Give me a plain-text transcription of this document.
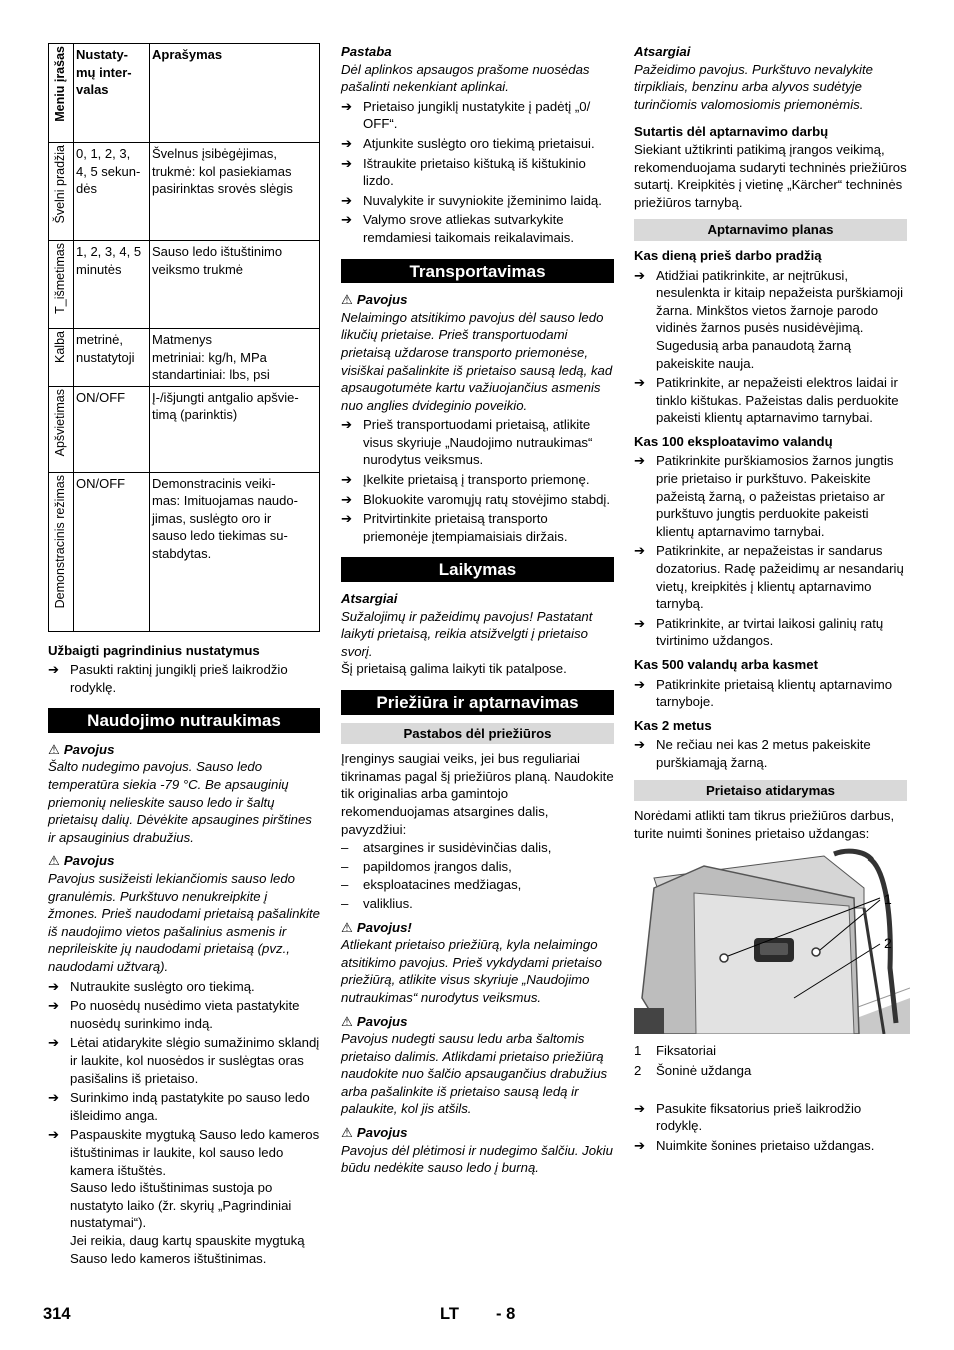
Meniu įrašas	Nustaty-
mų inter-
valas	Aprašymas

Švelni pradžia	0, 1, 2, 3,
4, 5 sekun-
dės	Švelnus įsibėgėjimas,
trukmė: kol pasiekiamas
pasirinktas srovės slėgis

T_išmetimas	1, 2, 3, 4, 5
minutės	Sauso ledo ištuštinimo
veiksmo trukmė

Kalba	metrinė,
nustatytoji	Matmenys
metriniai: kg/h, MPa
standartiniai: lbs, psi

Apšvietimas	ON/OFF	Į-/išjungti antgalio apšvie-
timą (parinktis)

Demonstracinis režimas	ON/OFF	Demonstracinis veiki-
mas: Imituojamas naudo-
jimas, suslėgto oro ir
sauso ledo tiekimas su-
stabdytas.

Užbaigti pagrindinius nustatymus

➔ Pasukti raktinį jungiklį prieš laikrodžio rodyklę.
Naudojimo nutraukimas

⚠ Pavojus

Šalto nudegimo pavojus. Sauso ledo temperatūra siekia -79 °C. Be apsauginių priemonių nelieskite sauso ledo ir šaltų prietaisų dalių. Dėvėkite apsaugines pirštines ir apsauginius drabužius.

⚠ Pavojus

Pavojus susižeisti lekiančiomis sauso ledo granulėmis. Purkštuvo nenukreipkite į žmones. Prieš naudodami prietaisą pašalinkite iš naudojimo vietos pašalinius asmenis ir neprileiskite jų naudodami prietaisą (pvz., naudodami užtvarą).

➔ Nutraukite suslėgto oro tiekimą.
➔ Po nuosėdų nusėdimo vieta pastatykite nuosėdų surinkimo indą.
➔ Lėtai atidarykite slėgio sumažinimo sklandį ir laukite, kol nuosėdos ir suslėgtas oras pasišalins iš prietaiso.
➔ Surinkimo indą pastatykite po sauso ledo išleidimo anga.
➔ Paspauskite mygtuką Sauso ledo kameros ištuštinimas ir laukite, kol sauso ledo kamera ištuštės.

Sauso ledo ištuštinimas sustoja po nustatyto laiko (žr. skyrių „Pagrindiniai nustatymai“).

Jei reikia, daug kartų spauskite mygtuką Sauso ledo kameros ištuštinimas.

Pastaba

Dėl aplinkos apsaugos prašome nuosėdas pašalinti nekenkiant aplinkai.

➔ Prietaiso jungiklį nustatykite į padėtį „0/ OFF“.
➔ Atjunkite suslėgto oro tiekimą prietaisui.
➔ Ištraukite prietaiso kištuką iš kištukinio lizdo.
➔ Nuvalykite ir suvyniokite įžeminimo laidą.
➔ Valymo srove atliekas sutvarkykite remdamiesi taikomais reikalavimais.
Transportavimas

⚠ Pavojus

Nelaimingo atsitikimo pavojus dėl sauso ledo likučių prietaise. Prieš transportuodami prietaisą uždarose transporto priemonėse, visiškai pašalinkite iš prietaiso sausą ledą, kad apsaugotumėte kartu važiuojančius asmenis nuo anglies dvideginio poveikio.

➔ Prieš transportuodami prietaisą, atlikite visus skyriuje „Naudojimo nutraukimas“ nurodytus veiksmus.
➔ Įkelkite prietaisą į transporto priemonę.
➔ Blokuokite varomųjų ratų stovėjimo stabdį.
➔ Pritvirtinkite prietaisą transporto priemonėje įtempiamaisiais diržais.
Laikymas

Atsargiai

Sužalojimų ir pažeidimų pavojus! Pastatant laikyti prietaisą, reikia atsižvelgti į prietaiso svorį.

Šį prietaisą galima laikyti tik patalpose.

Priežiūra ir aptarnavimas
Pastabos dėl priežiūros

Įrenginys saugiai veiks, jei bus reguliariai tikrinamas pagal šį priežiūros planą. Naudokite tik originalias arba gamintojo rekomenduojamas atsargines dalis, pavyzdžiui:

– atsargines ir susidėvinčias dalis,
– papildomos įrangos dalis,
– eksploatacines medžiagas,
– valiklius.

⚠ Pavojus!

Atliekant prietaiso priežiūrą, kyla nelaimingo atsitikimo pavojus. Prieš vykdydami prietaiso priežiūrą, atlikite visus skyriuje „Naudojimo nutraukimas“ nurodytus veiksmus.

⚠ Pavojus

Pavojus nudegti sausu ledu arba šaltomis prietaiso dalimis. Atlikdami prietaiso priežiūrą naudokite nuo šalčio apsaugančius drabužius arba pašalinkite iš prietaiso sausą ledą ir palaukite, kol jis atšils.

⚠ Pavojus

Pavojus dėl plėtimosi ir nudegimo šalčiu. Jokiu būdu nedėkite sauso ledo į burną.

Atsargiai

Pažeidimo pavojus. Purkštuvo nevalykite tirpikliais, benzinu arba alyvos sudėtyje turinčiomis valomosiomis priemonėmis.

Sutartis dėl aptarnavimo darbų

Siekiant užtikrinti patikimą įrangos veikimą, rekomenduojama sudaryti techninės priežiūros sutartį. Kreipkitės į vietinę „Kärcher“ techninės priežiūros tarnybą.

Aptarnavimo planas

Kas dieną prieš darbo pradžią

➔ Atidžiai patikrinkite, ar neįtrūkusi, nesulenkta ir kitaip nepažeista purškiamoji žarna. Minkštos vietos žarnoje parodo vidinės žarnos pusės nusidėvėjimą. Sugedusią arba panaudotą žarną pakeiskite nauja.
➔ Patikrinkite, ar nepažeisti elektros laidai ir tinklo kištukas. Pažeistas dalis perduokite pakeisti klientų aptarnavimo tarnybai.

Kas 100 eksploatavimo valandų

➔ Patikrinkite purškiamosios žarnos jungtis prie prietaiso ir purkštuvo. Pakeiskite pažeistą žarną, o pažeistas prietaiso ar purkštuvo jungtis perduokite pakeisti klientų aptarnavimo tarnybai.
➔ Patikrinkite, ar nepažeistas ir sandarus dozatorius. Radę pažeidimų ar nesandarių vietų, kreipkitės į klientų aptarnavimo tarnybą.
➔ Patikrinkite, ar tvirtai laikosi galinių ratų tvirtinimo uždangos.

Kas 500 valandų arba kasmet

➔ Patikrinkite prietaisą klientų aptarnavimo tarnyboje.

Kas 2 metus

➔ Ne rečiau nei kas 2 metus pakeiskite purškiamąją žarną.
Prietaiso atidarymas

Norėdami atlikti tam tikrus priežiūros darbus, turite nuimti šonines prietaiso uždangas:

1
2
1 Fiksatoriai
2 Šoninė uždanga
➔ Pasukite fiksatorius prieš laikrodžio rodyklę.
➔ Nuimkite šonines prietaiso uždangas.
314	LT - 8
